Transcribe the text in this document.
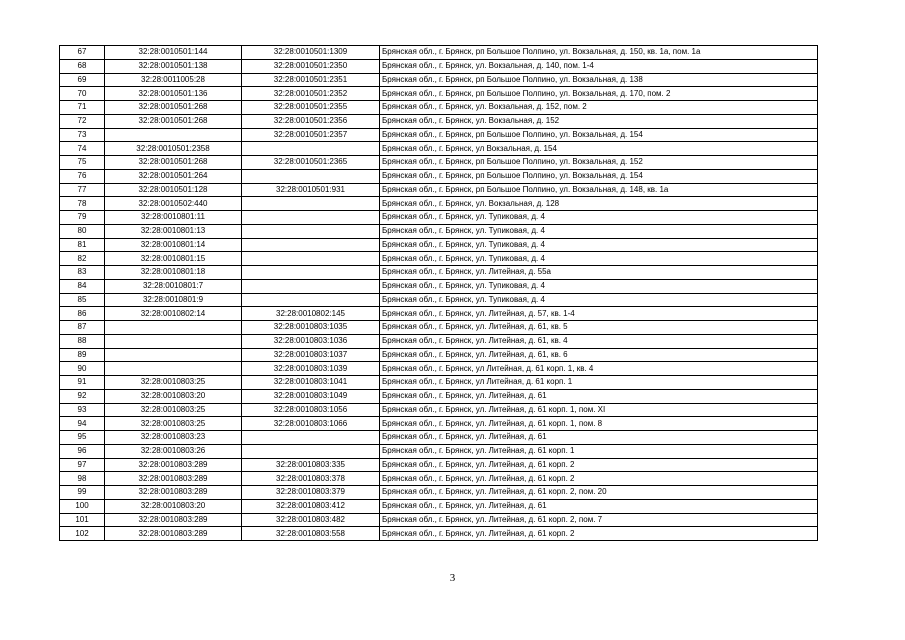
67	32:28:0010501:144	32:28:0010501:1309	Брянская обл., г. Брянск, рп Большое Полпино, ул. Вокзальная, д. 150, кв. 1а, пом. 1а
68	32:28:0010501:138	32:28:0010501:2350	Брянская обл., г. Брянск, ул. Вокзальная, д. 140, пом. 1-4
69	32:28:0011005:28	32:28:0010501:2351	Брянская обл., г. Брянск, рп Большое Полпино, ул. Вокзальная, д. 138
70	32:28:0010501:136	32:28:0010501:2352	Брянская обл., г. Брянск, рп Большое Полпино, ул. Вокзальная, д. 170, пом. 2
71	32:28:0010501:268	32:28:0010501:2355	Брянская обл., г. Брянск, ул. Вокзальная, д. 152, пом. 2
72	32:28:0010501:268	32:28:0010501:2356	Брянская обл., г. Брянск, ул. Вокзальная, д. 152
73		32:28:0010501:2357	Брянская обл., г. Брянск, рп Большое Полпино, ул. Вокзальная, д. 154
74	32:28:0010501:2358		Брянская обл., г. Брянск, ул Вокзальная, д. 154
75	32:28:0010501:268	32:28:0010501:2365	Брянская обл., г. Брянск, рп Большое Полпино, ул. Вокзальная, д. 152
76	32:28:0010501:264		Брянская обл., г. Брянск, рп Большое Полпино, ул. Вокзальная, д. 154
77	32:28:0010501:128	32:28:0010501:931	Брянская обл., г. Брянск, рп Большое Полпино, ул. Вокзальная, д. 148, кв. 1а
78	32:28:0010502:440		Брянская обл., г. Брянск, ул. Вокзальная, д. 128
79	32:28:0010801:11		Брянская обл., г. Брянск, ул. Тупиковая, д. 4
80	32:28:0010801:13		Брянская обл., г. Брянск, ул. Тупиковая, д. 4
81	32:28:0010801:14		Брянская обл., г. Брянск, ул. Тупиковая, д. 4
82	32:28:0010801:15		Брянская обл., г. Брянск, ул. Тупиковая, д. 4
83	32:28:0010801:18		Брянская обл., г. Брянск, ул. Литейная, д. 55а
84	32:28:0010801:7		Брянская обл., г. Брянск, ул. Тупиковая, д. 4
85	32:28:0010801:9		Брянская обл., г. Брянск, ул. Тупиковая, д. 4
86	32:28:0010802:14	32:28:0010802:145	Брянская обл., г. Брянск, ул. Литейная, д. 57, кв. 1-4
87		32:28:0010803:1035	Брянская обл., г. Брянск, ул. Литейная, д. 61, кв. 5
88		32:28:0010803:1036	Брянская обл., г. Брянск, ул. Литейная, д. 61, кв. 4
89		32:28:0010803:1037	Брянская обл., г. Брянск, ул. Литейная, д. 61, кв. 6
90		32:28:0010803:1039	Брянская обл., г. Брянск, ул Литейная, д. 61 корп. 1, кв. 4
91	32:28:0010803:25	32:28:0010803:1041	Брянская обл., г. Брянск, ул Литейная, д. 61 корп. 1
92	32:28:0010803:20	32:28:0010803:1049	Брянская обл., г. Брянск, ул. Литейная, д. 61
93	32:28:0010803:25	32:28:0010803:1056	Брянская обл., г. Брянск, ул. Литейная, д. 61 корп. 1, пом. XI
94	32:28:0010803:25	32:28:0010803:1066	Брянская обл., г. Брянск, ул. Литейная, д. 61 корп. 1, пом. 8
95	32:28:0010803:23		Брянская обл., г. Брянск, ул. Литейная, д. 61
96	32:28:0010803:26		Брянская обл., г. Брянск, ул. Литейная, д. 61 корп. 1
97	32:28:0010803:289	32:28:0010803:335	Брянская обл., г. Брянск, ул. Литейная, д. 61 корп. 2
98	32:28:0010803:289	32:28:0010803:378	Брянская обл., г. Брянск, ул. Литейная, д. 61 корп. 2
99	32:28:0010803:289	32:28:0010803:379	Брянская обл., г. Брянск, ул. Литейная, д. 61 корп. 2, пом. 20
100	32:28:0010803:20	32:28:0010803:412	Брянская обл., г. Брянск, ул. Литейная, д. 61
101	32:28:0010803:289	32:28:0010803:482	Брянская обл., г. Брянск, ул. Литейная, д. 61 корп. 2, пом. 7
102	32:28:0010803:289	32:28:0010803:558	Брянская обл., г. Брянск, ул. Литейная, д. 61 корп. 2
3
